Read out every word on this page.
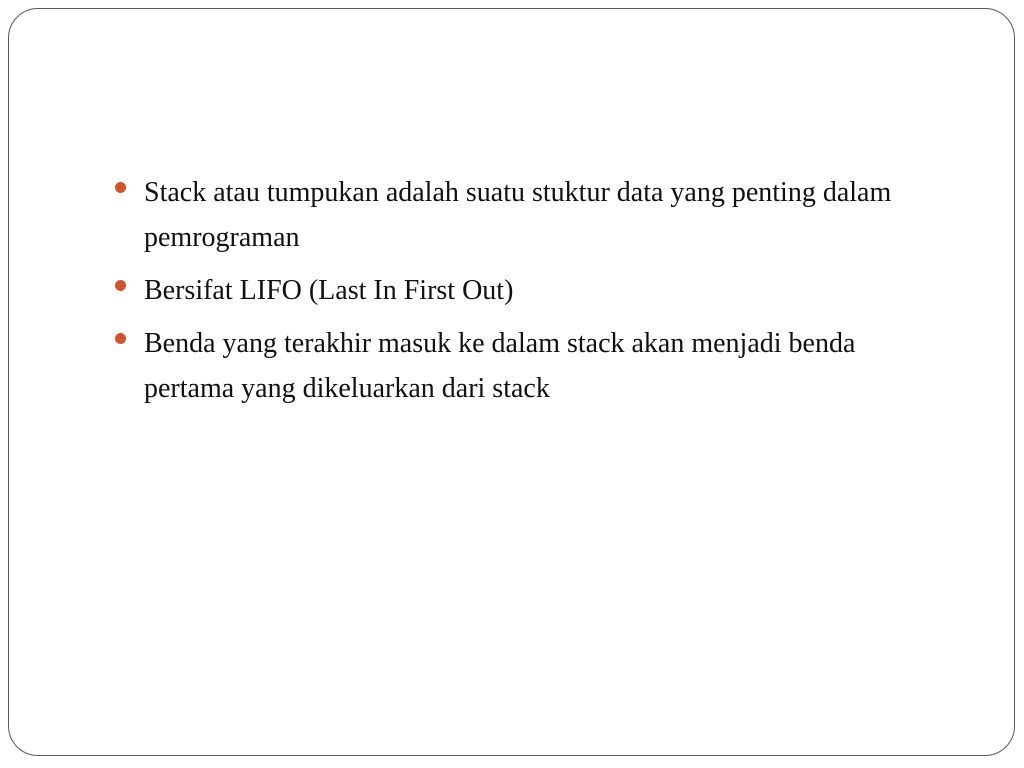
Stack atau tumpukan adalah suatu stuktur data yang penting dalam pemrograman
Bersifat LIFO (Last In First Out)
Benda yang terakhir masuk ke dalam stack akan menjadi benda pertama yang dikeluarkan dari stack
